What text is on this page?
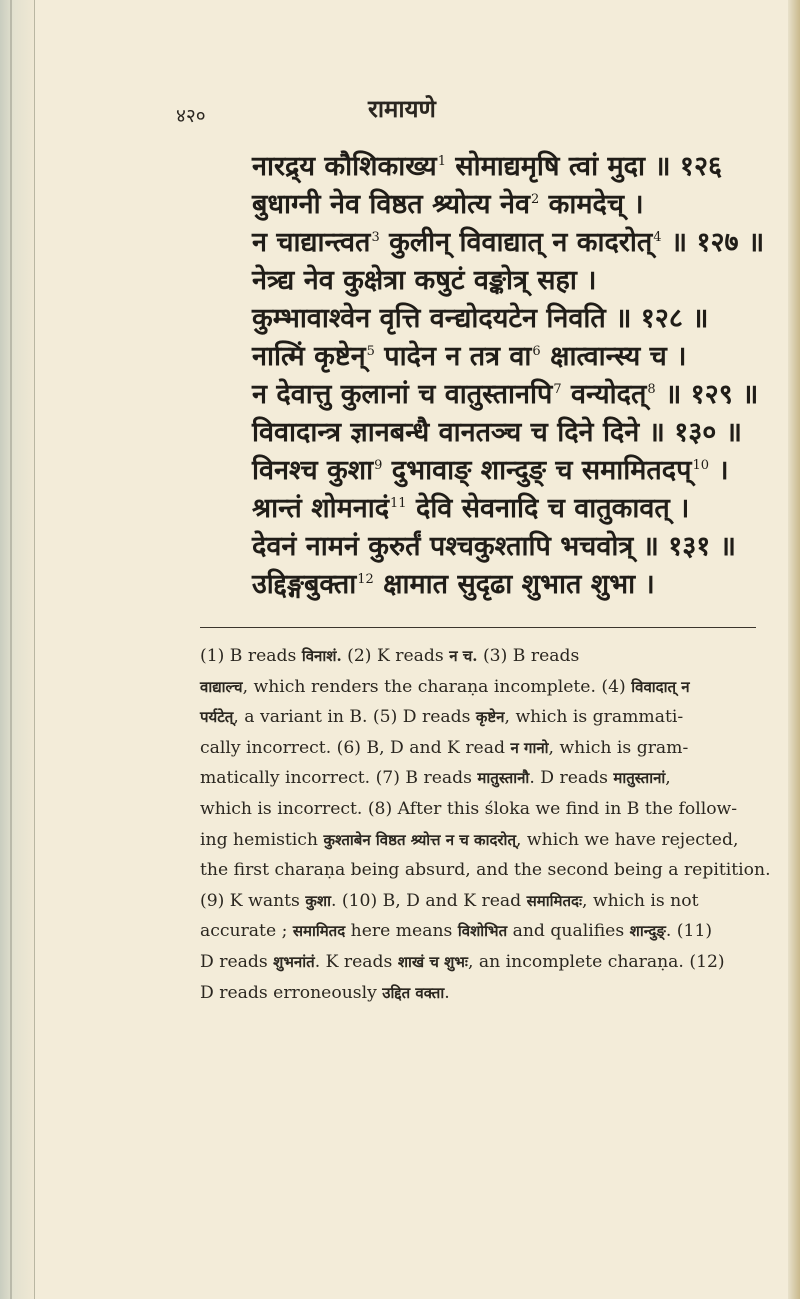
४२०	रामायणे
नारद्र्य कौशिकाख्य$^1$ सोमाद्यमृषि त्वां मुदा ॥ १२६
बुधाग्नी नेव विष्ठत श्र्योत्य नेव$^2$ कामदेच् ।
न चाद्यान्त्वत$^3$ कुलीन् विवाद्यात् न कादरोत्$^4$ ॥ १२७ ॥
नेत्र्द्य नेव कुक्षेत्रा कषुटं वङ्कोत्र् सहा ।
कुम्भावाश्वेन वृत्ति वन्द्योदयटेन निवति ॥ १२८ ॥
नात्मिं कृष्टेन्$^5$ पादेन न तत्र वा$^6$ क्षात्वान्स्य च ।
न देवात्तु कुलानां च वातुस्तानपि$^7$ वन्योदत्$^8$ ॥ १२९ ॥
विवादान्त्र ज्ञानबन्धै वानतञ्च च दिने दिने ॥ १३० ॥
विनश्च कुशा$^9$ दुभावाङ् शान्दुङ् च समामितदप्$^{10}$ ।
श्रान्तं शोमनादं$^{11}$ देवि सेवनादि च वातुकावत् ।
देवनं नामनं कुरुर्तं पश्चकुश्तापि भचवोत्र् ॥ १३१ ॥
उद्दिङ्गबुक्ता$^{12}$ क्षामात सुदृढा शुभात शुभा ।
(1) B reads विनाशं. (2) K reads न च. (3) B reads
वाद्याल्च, which renders the charaṇa incomplete. (4) विवादात् न
पर्यटेत्, a variant in B. (5) D reads कृष्टेन, which is grammati-
cally incorrect. (6) B, D and K read न गानो, which is gram-
matically incorrect. (7) B reads मातुस्तानौ. D reads मातुस्तानां,
which is incorrect. (8) After this śloka we find in B the follow-
ing hemistich कुश्ताबेन विष्ठत श्र्योत्त न च कादरोत्, which we have rejected,
the first charaṇa being absurd, and the second being a repitition.
(9) K wants कुशा. (10) B, D and K read समामितदः, which is not
accurate ; समामितद here means विशोभित and qualifies शान्दुङ्. (11)
D reads शुभनांतं. K reads शाखं च शुभः, an incomplete charaṇa. (12)
D reads erroneously उद्दित वक्ता.
